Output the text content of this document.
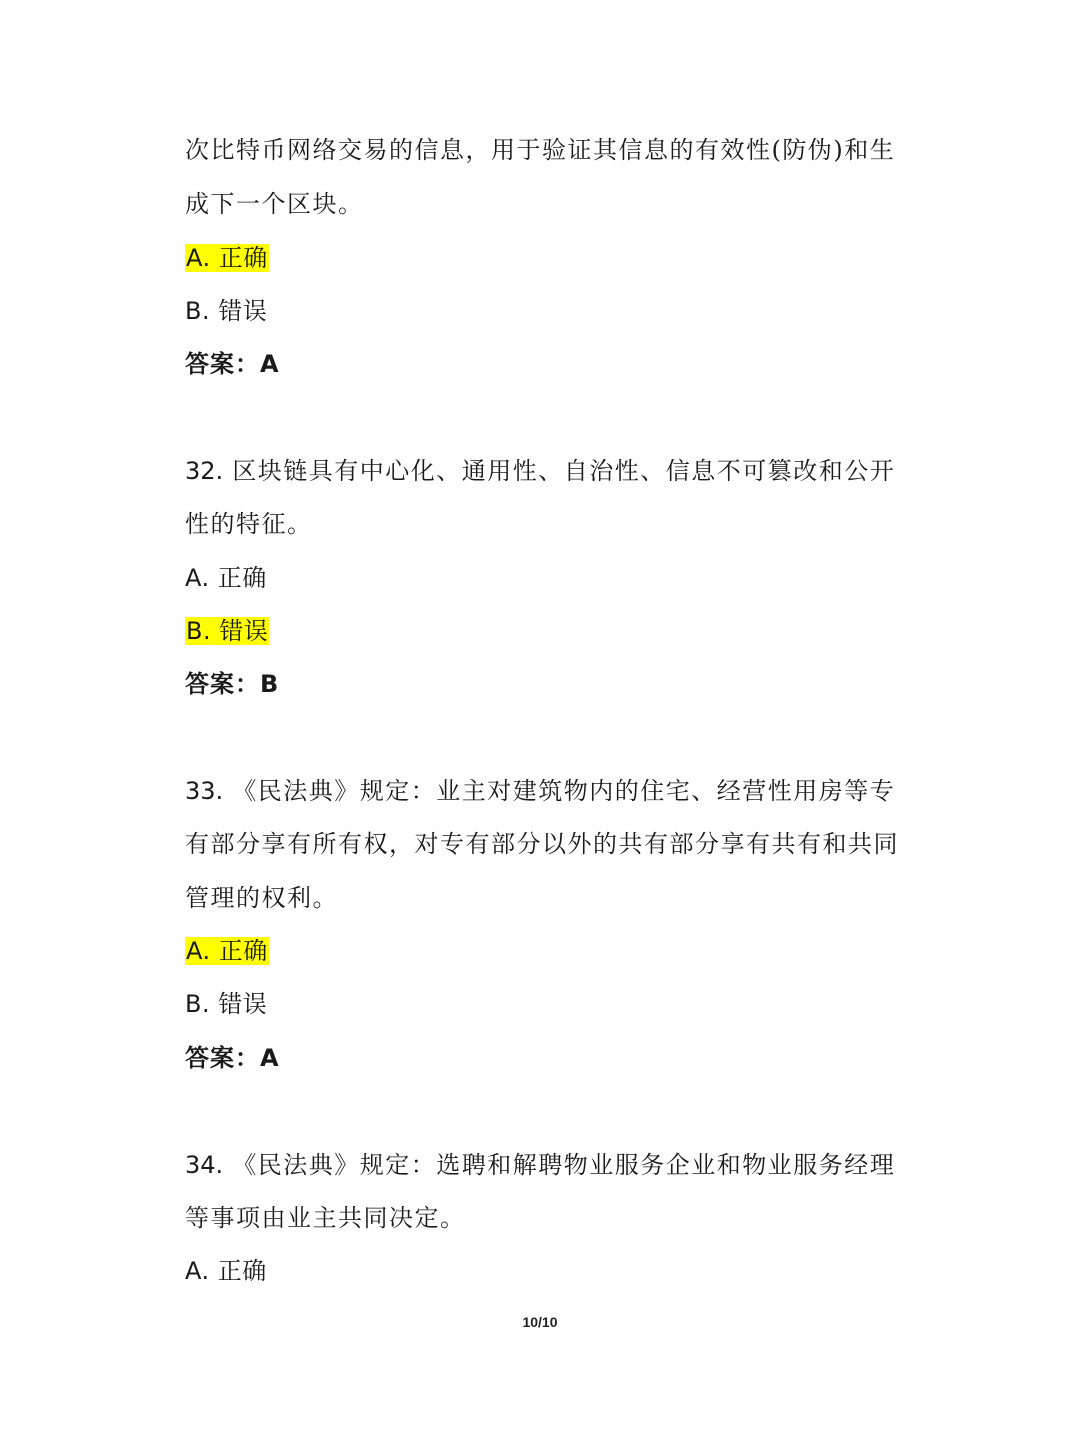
次比特币网络交易的信息，用于验证其信息的有效性(防伪)和生
成下一个区块。
A. 正确
B. 错误
答案：A
32. 区块链具有中心化、通用性、自治性、信息不可篡改和公开
性的特征。
A. 正确
B. 错误
答案：B
33. 《民法典》规定：业主对建筑物内的住宅、经营性用房等专
有部分享有所有权，对专有部分以外的共有部分享有共有和共同
管理的权利。
A. 正确
B. 错误
答案：A
34. 《民法典》规定：选聘和解聘物业服务企业和物业服务经理
等事项由业主共同决定。
A. 正确
10/10
